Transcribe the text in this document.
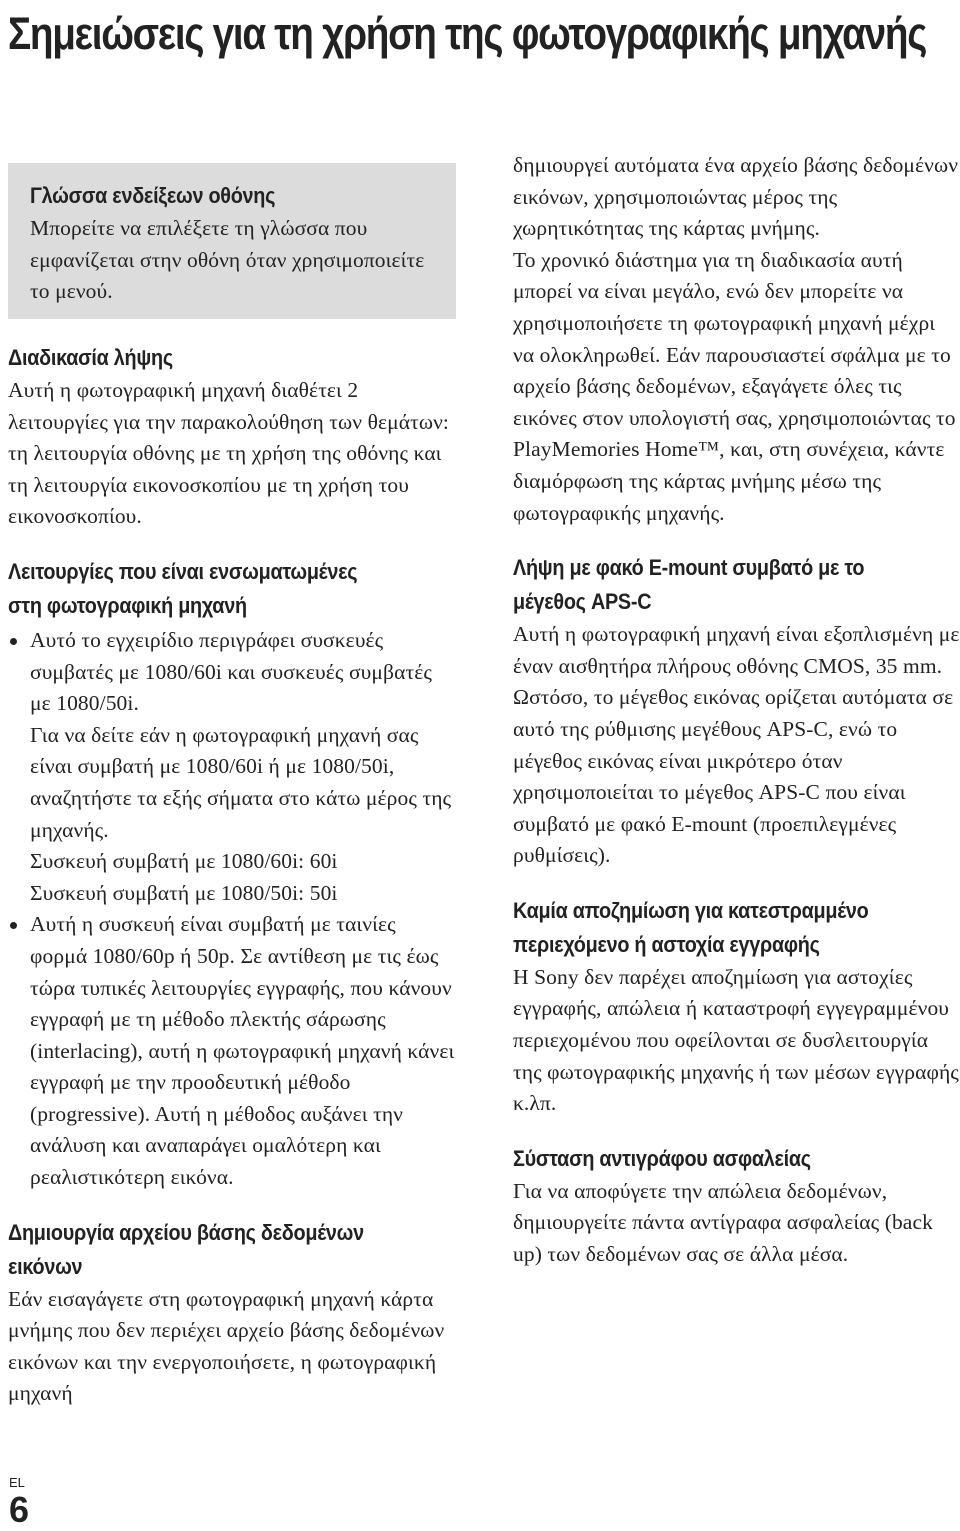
Σημειώσεις για τη χρήση της φωτογραφικής μηχανής

Γλώσσα ενδείξεων οθόνης

Μπορείτε να επιλέξετε τη γλώσσα που εμφανίζεται στην οθόνη όταν χρησιμοποιείτε το μενού.

Διαδικασία λήψης

Αυτή η φωτογραφική μηχανή διαθέτει 2 λειτουργίες για την παρακολούθηση των θεμάτων: τη λειτουργία οθόνης με τη χρήση της οθόνης και τη λειτουργία εικονοσκοπίου με τη χρήση του εικονοσκοπίου.

Λειτουργίες που είναι ενσωματωμένες

στη φωτογραφική μηχανή

Αυτό το εγχειρίδιο περιγράφει συσκευές συμβατές με 1080/60i και συσκευές συμβατές με 1080/50i.
Για να δείτε εάν η φωτογραφική μηχανή σας είναι συμβατή με 1080/60i ή με 1080/50i, αναζητήστε τα εξής σήματα στο κάτω μέρος της μηχανής.
Συσκευή συμβατή με 1080/60i: 60i
Συσκευή συμβατή με 1080/50i: 50i
Αυτή η συσκευή είναι συμβατή με ταινίες φορμά 1080/60p ή 50p. Σε αντίθεση με τις έως τώρα τυπικές λειτουργίες εγγραφής, που κάνουν εγγραφή με τη μέθοδο πλεκτής σάρωσης (interlacing), αυτή η φωτογραφική μηχανή κάνει εγγραφή με την προοδευτική μέθοδο (progressive). Αυτή η μέθοδος αυξάνει την ανάλυση και αναπαράγει ομαλότερη και ρεαλιστικότερη εικόνα.

Δημιουργία αρχείου βάσης δεδομένων

εικόνων

Εάν εισαγάγετε στη φωτογραφική μηχανή κάρτα μνήμης που δεν περιέχει αρχείο βάσης δεδομένων εικόνων και την ενεργοποιήσετε, η φωτογραφική μηχανή

δημιουργεί αυτόματα ένα αρχείο βάσης δεδομένων εικόνων, χρησιμοποιώντας μέρος της χωρητικότητας της κάρτας μνήμης.

Το χρονικό διάστημα για τη διαδικασία αυτή μπορεί να είναι μεγάλο, ενώ δεν μπορείτε να χρησιμοποιήσετε τη φωτογραφική μηχανή μέχρι να ολοκληρωθεί. Εάν παρουσιαστεί σφάλμα με το αρχείο βάσης δεδομένων, εξαγάγετε όλες τις εικόνες στον υπολογιστή σας, χρησιμοποιώντας το PlayMemories Home™, και, στη συνέχεια, κάντε διαμόρφωση της κάρτας μνήμης μέσω της φωτογραφικής μηχανής.

Λήψη με φακό E-mount συμβατό με το

μέγεθος APS-C

Αυτή η φωτογραφική μηχανή είναι εξοπλισμένη με έναν αισθητήρα πλήρους οθόνης CMOS, 35 mm. Ωστόσο, το μέγεθος εικόνας ορίζεται αυτόματα σε αυτό της ρύθμισης μεγέθους APS-C, ενώ το μέγεθος εικόνας είναι μικρότερο όταν χρησιμοποιείται το μέγεθος APS-C που είναι συμβατό με φακό E-mount (προεπιλεγμένες ρυθμίσεις).

Καμία αποζημίωση για κατεστραμμένο

περιεχόμενο ή αστοχία εγγραφής

Η Sony δεν παρέχει αποζημίωση για αστοχίες εγγραφής, απώλεια ή καταστροφή εγγεγραμμένου περιεχομένου που οφείλονται σε δυσλειτουργία της φωτογραφικής μηχανής ή των μέσων εγγραφής κ.λπ.

Σύσταση αντιγράφου ασφαλείας

Για να αποφύγετε την απώλεια δεδομένων, δημιουργείτε πάντα αντίγραφα ασφαλείας (back up) των δεδομένων σας σε άλλα μέσα.

EL
6
